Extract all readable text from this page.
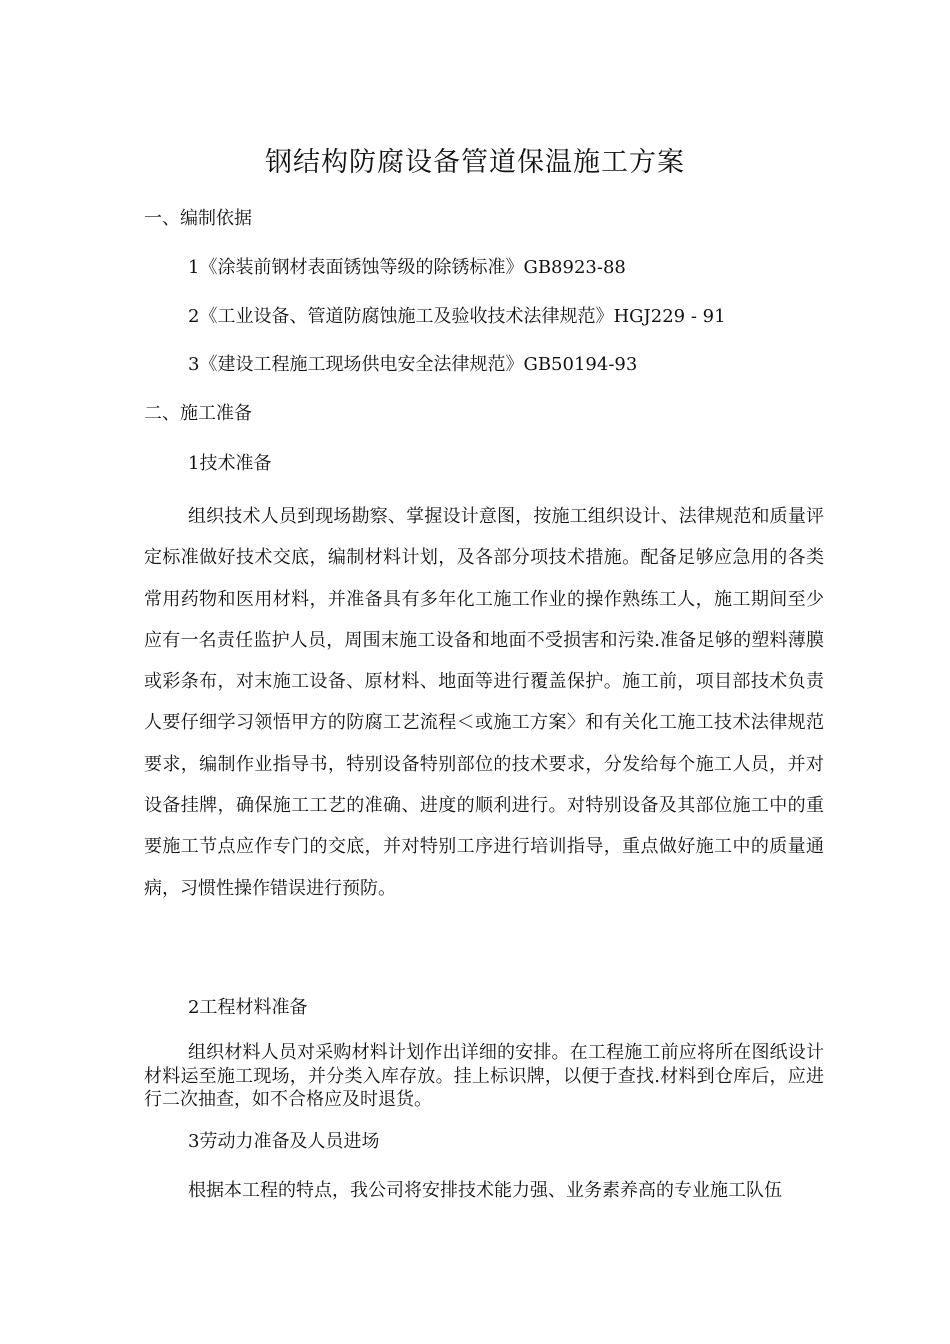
钢结构防腐设备管道保温施工方案
一、编制依据
1《涂装前钢材表面锈蚀等级的除锈标准》GB8923-88
2《工业设备、管道防腐蚀施工及验收技术法律规范》HGJ229 - 91
3《建设工程施工现场供电安全法律规范》GB50194-93
二、施工准备
1技术准备

组织技术人员到现场勘察、掌握设计意图，按施工组织设计、法律规范和质量评定标准做好技术交底，编制材料计划，及各部分项技术措施。配备足够应急用的各类常用药物和医用材料，并准备具有多年化工施工作业的操作熟练工人，施工期间至少应有一名责任监护人员，周围末施工设备和地面不受损害和污染.准备足够的塑料薄膜或彩条布，对末施工设备、原材料、地面等进行覆盖保护。施工前，项目部技术负责人要仔细学习领悟甲方的防腐工艺流程＜或施工方案〉和有关化工施工技术法律规范要求，编制作业指导书，特别设备特别部位的技术要求，分发给每个施工人员，并对设备挂牌，确保施工工艺的准确、进度的顺利进行。对特别设备及其部位施工中的重要施工节点应作专门的交底，并对特别工序进行培训指导，重点做好施工中的质量通病，习惯性操作错误进行预防。

2工程材料准备

组织材料人员对采购材料计划作出详细的安排。在工程施工前应将所在图纸设计材料运至施工现场，并分类入库存放。挂上标识牌，以便于查找.材料到仓库后，应进行二次抽查，如不合格应及时退货。

3劳动力准备及人员进场

根据本工程的特点，我公司将安排技术能力强、业务素养高的专业施工队伍
